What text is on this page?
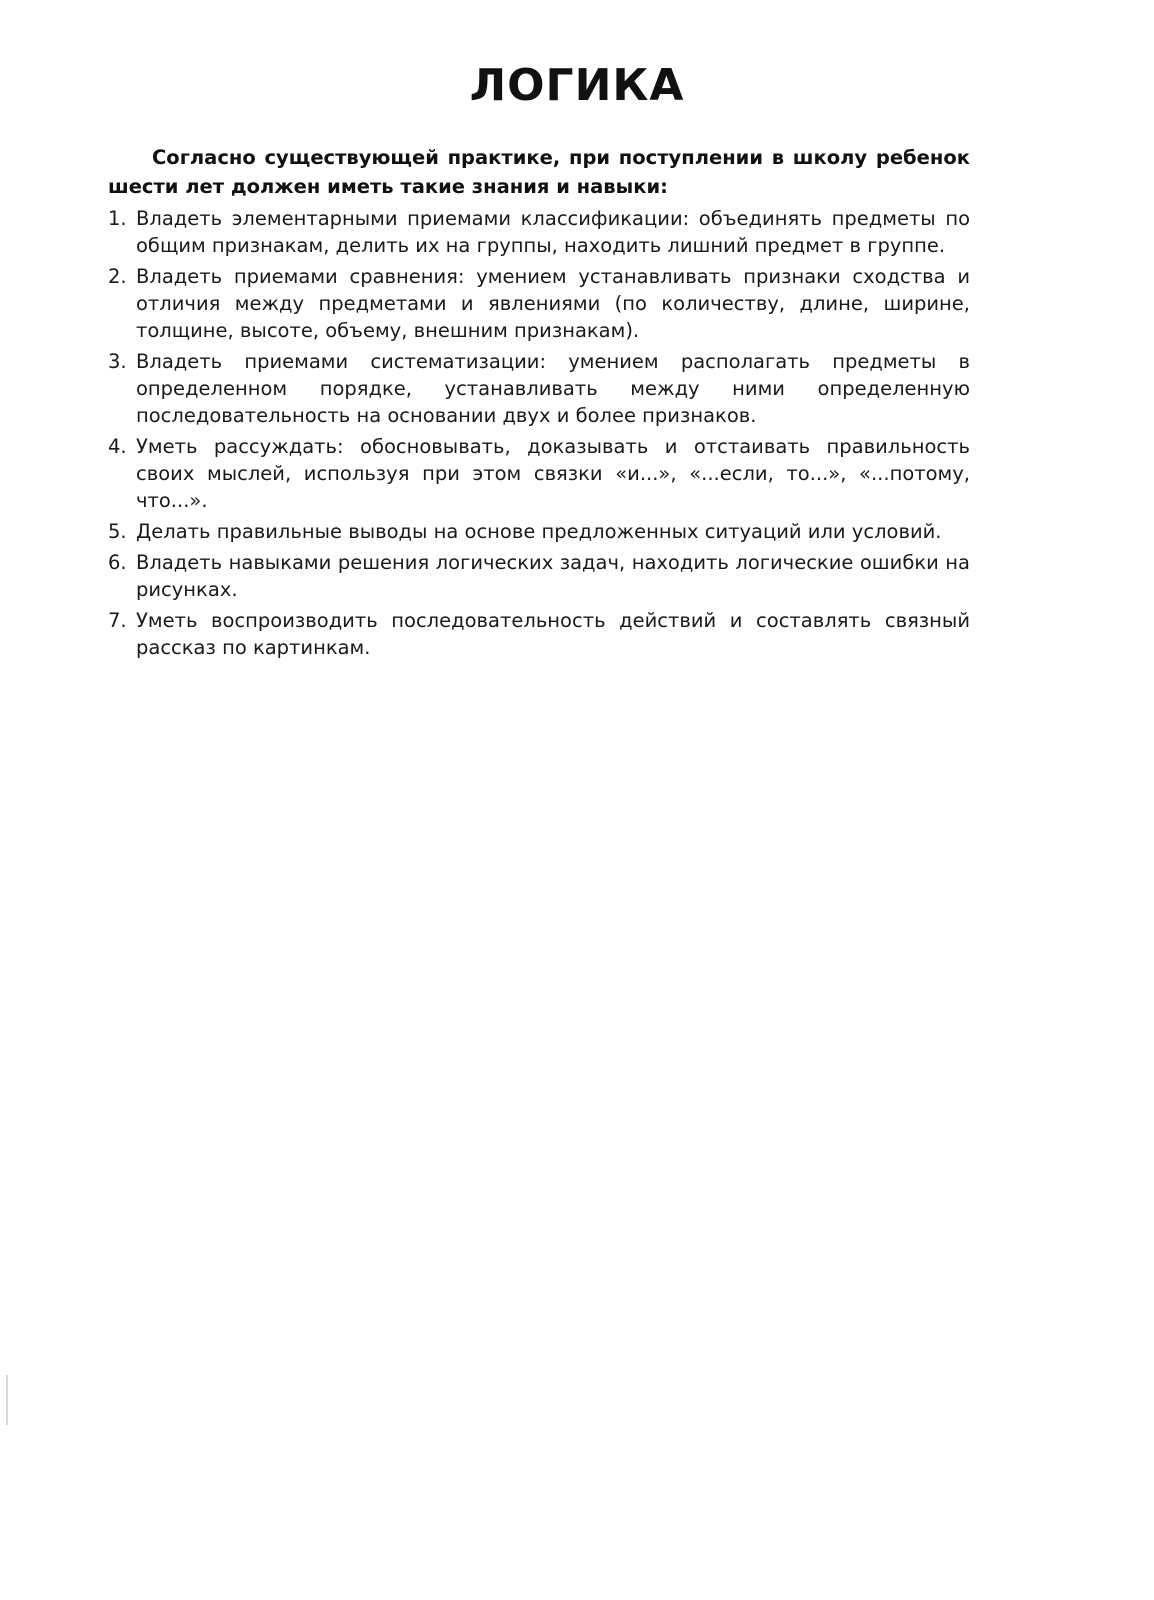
ЛОГИКА

Согласно существующей практике, при поступлении в школу ребенок шести лет должен иметь такие знания и навыки:

1. Владеть элементарными приемами классификации: объединять предметы по общим признакам, делить их на группы, находить лишний предмет в группе.
2. Владеть приемами сравнения: умением устанавливать признаки сходства и отличия между предметами и явлениями (по количеству, длине, ширине, толщине, высоте, объему, внешним признакам).
3. Владеть приемами систематизации: умением располагать предметы в определенном порядке, устанавливать между ними определенную последовательность на основании двух и более признаков.
4. Уметь рассуждать: обосновывать, доказывать и отстаивать правильность своих мыслей, используя при этом связки «и...», «...если, то...», «...потому, что...».
5. Делать правильные выводы на основе предложенных ситуаций или условий.
6. Владеть навыками решения логических задач, находить логические ошибки на рисунках.
7. Уметь воспроизводить последовательность действий и составлять связный рассказ по картинкам.
